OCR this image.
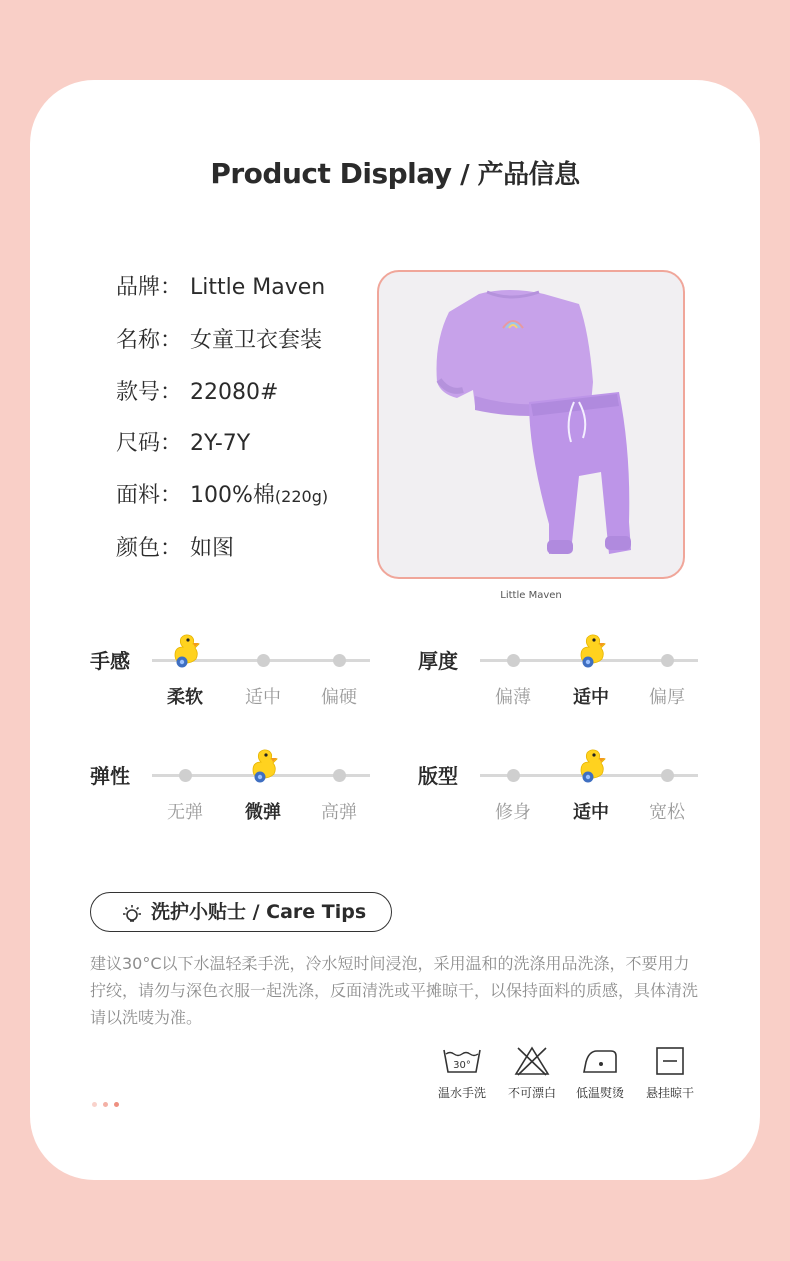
Product Display / 产品信息
品牌： Little Maven
名称： 女童卫衣套装
款号： 22080#
尺码： 2Y-7Y
面料： 100%棉(220g)
颜色： 如图
Little Maven
手感
柔软	适中	偏硬
厚度
偏薄	适中	偏厚
弹性
无弹	微弹	高弹
版型
修身	适中	宽松
洗护小贴士 / Care Tips
建议30°C以下水温轻柔手洗，冷水短时间浸泡，采用温和的洗涤用品洗涤，不要用力拧绞，请勿与深色衣服一起洗涤，反面清洗或平摊晾干，以保持面料的质感，具体清洗请以洗唛为准。
30°
温水手洗	不可漂白	低温熨烫	悬挂晾干
